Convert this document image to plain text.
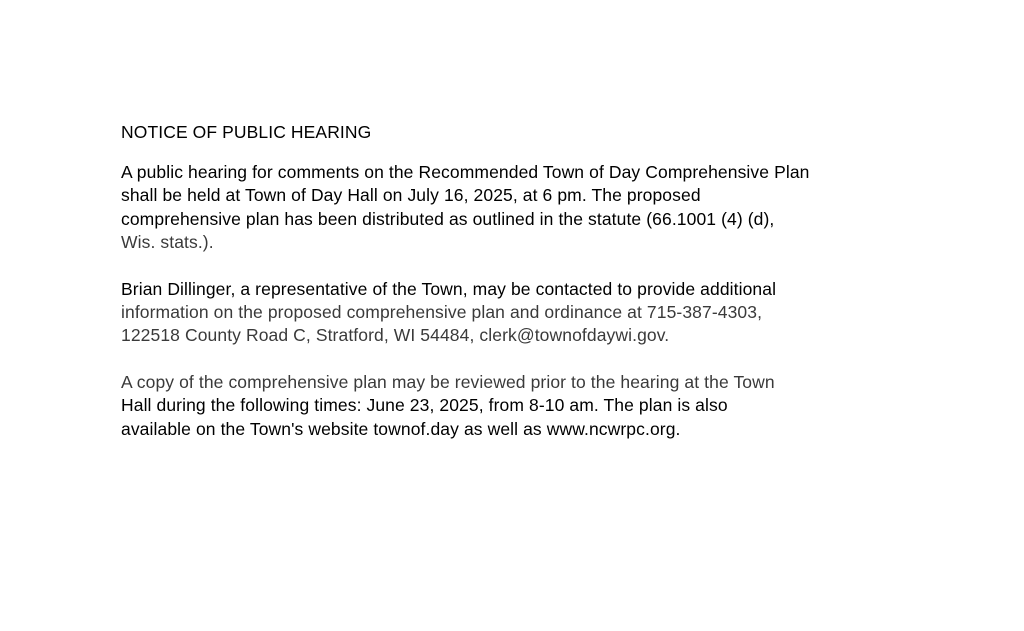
NOTICE OF PUBLIC HEARING
A public hearing for comments on the Recommended Town of Day Comprehensive Plan
shall be held at Town of Day Hall on July 16, 2025, at 6 pm. The proposed
comprehensive plan has been distributed as outlined in the statute (66.1001 (4) (d),
Wis. stats.).
Brian Dillinger, a representative of the Town, may be contacted to provide additional
information on the proposed comprehensive plan and ordinance at 715-387-4303,
122518 County Road C, Stratford, WI 54484, clerk@townofdaywi.gov.
A copy of the comprehensive plan may be reviewed prior to the hearing at the Town
Hall during the following times: June 23, 2025, from 8-10 am. The plan is also
available on the Town's website townof.day as well as www.ncwrpc.org.
